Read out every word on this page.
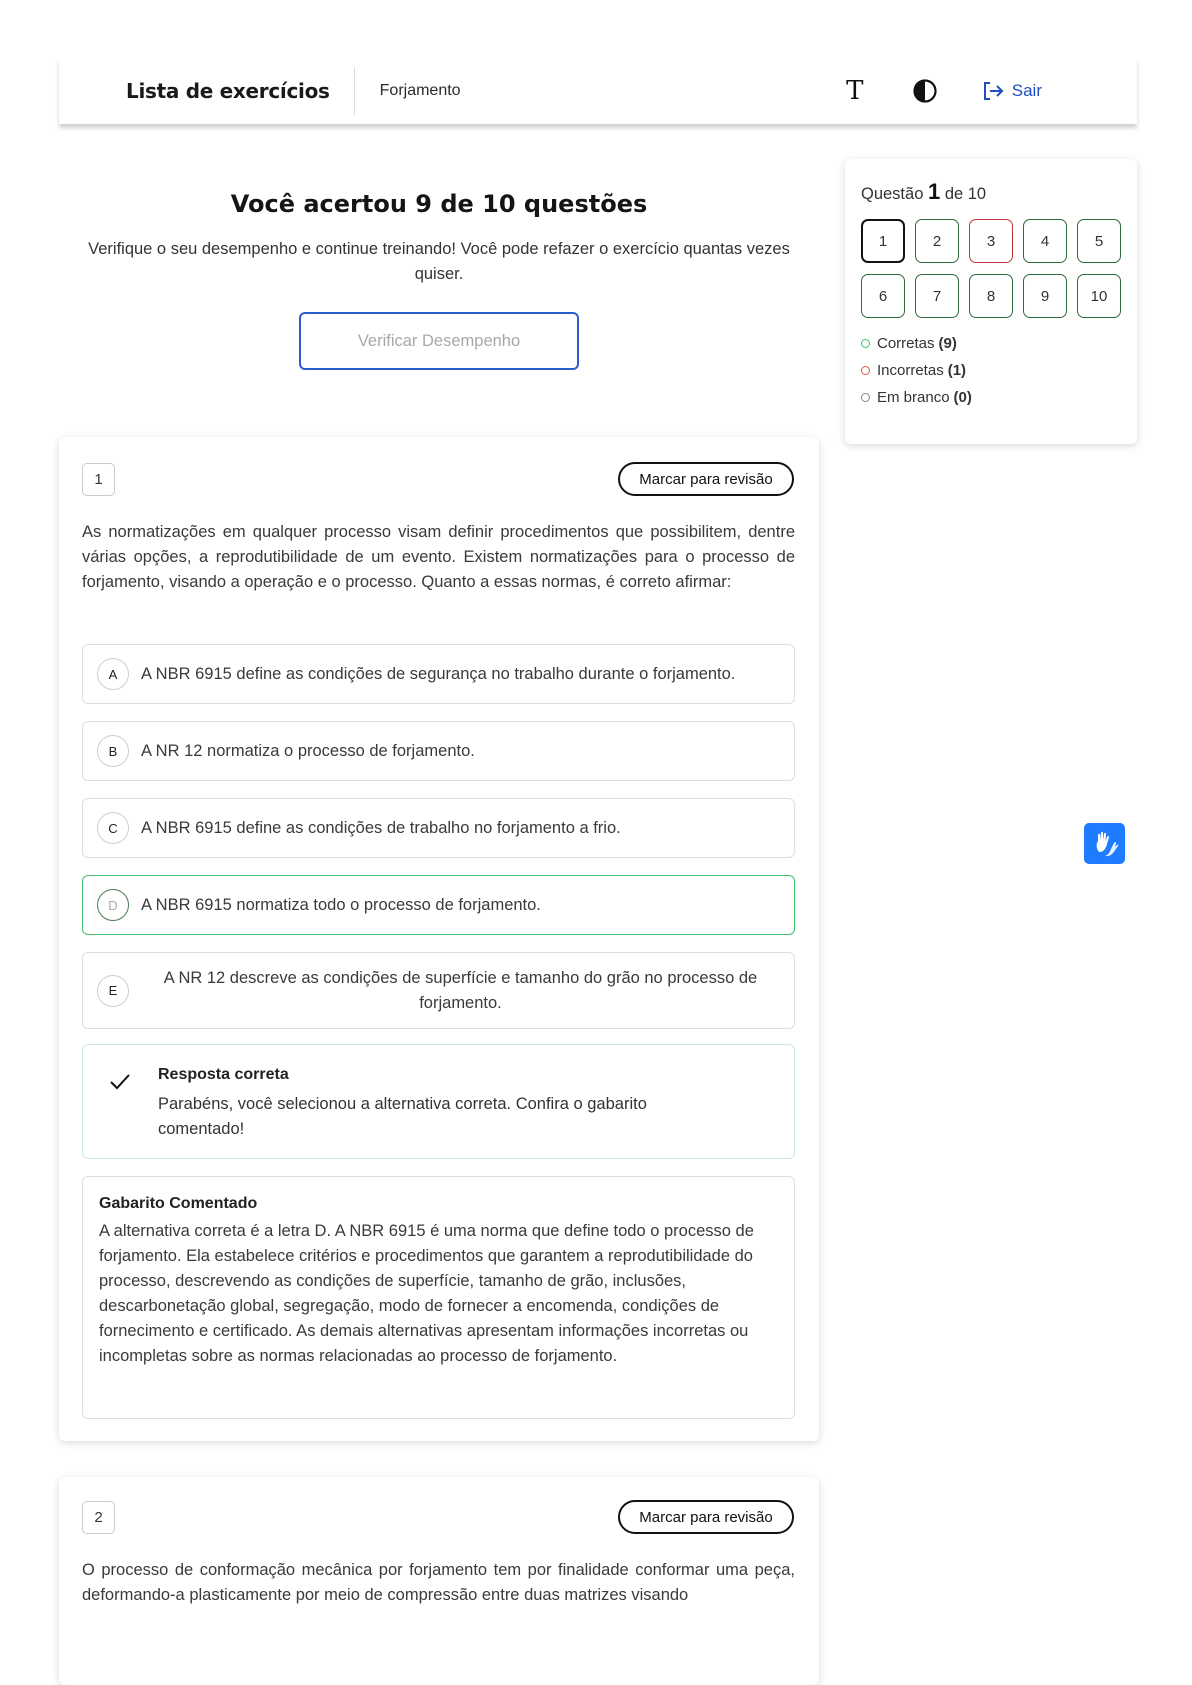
Lista de exercícios	Forjamento	T	Sair
Você acertou 9 de 10 questões

Verifique o seu desempenho e continue treinando! Você pode refazer o exercício quantas vezes quiser.

Verificar Desempenho
Questão 1 de 10
1	2	3	4	5
6	7	8	9	10
Corretas (9)
Incorretas (1)
Em branco (0)
1	Marcar para revisão
As normatizações em qualquer processo visam definir procedimentos que possibilitem, dentre várias opções, a reprodutibilidade de um evento. Existem normatizações para o processo de forjamento, visando a operação e o processo. Quanto a essas normas, é correto afirmar:
A	A NBR 6915 define as condições de segurança no trabalho durante o forjamento.
B	A NR 12 normatiza o processo de forjamento.
C	A NBR 6915 define as condições de trabalho no forjamento a frio.
D	A NBR 6915 normatiza todo o processo de forjamento.
E
A NR 12 descreve as condições de superfície e tamanho do grão no processo de forjamento.
Resposta correta
Parabéns, você selecionou a alternativa correta. Confira o gabarito comentado!
Gabarito Comentado
A alternativa correta é a letra D. A NBR 6915 é uma norma que define todo o processo de forjamento. Ela estabelece critérios e procedimentos que garantem a reprodutibilidade do processo, descrevendo as condições de superfície, tamanho de grão, inclusões, descarbonetação global, segregação, modo de fornecer a encomenda, condições de fornecimento e certificado. As demais alternativas apresentam informações incorretas ou incompletas sobre as normas relacionadas ao processo de forjamento.
2	Marcar para revisão
O processo de conformação mecânica por forjamento tem por finalidade conformar uma peça, deformando-a plasticamente por meio de compressão entre duas matrizes visando
